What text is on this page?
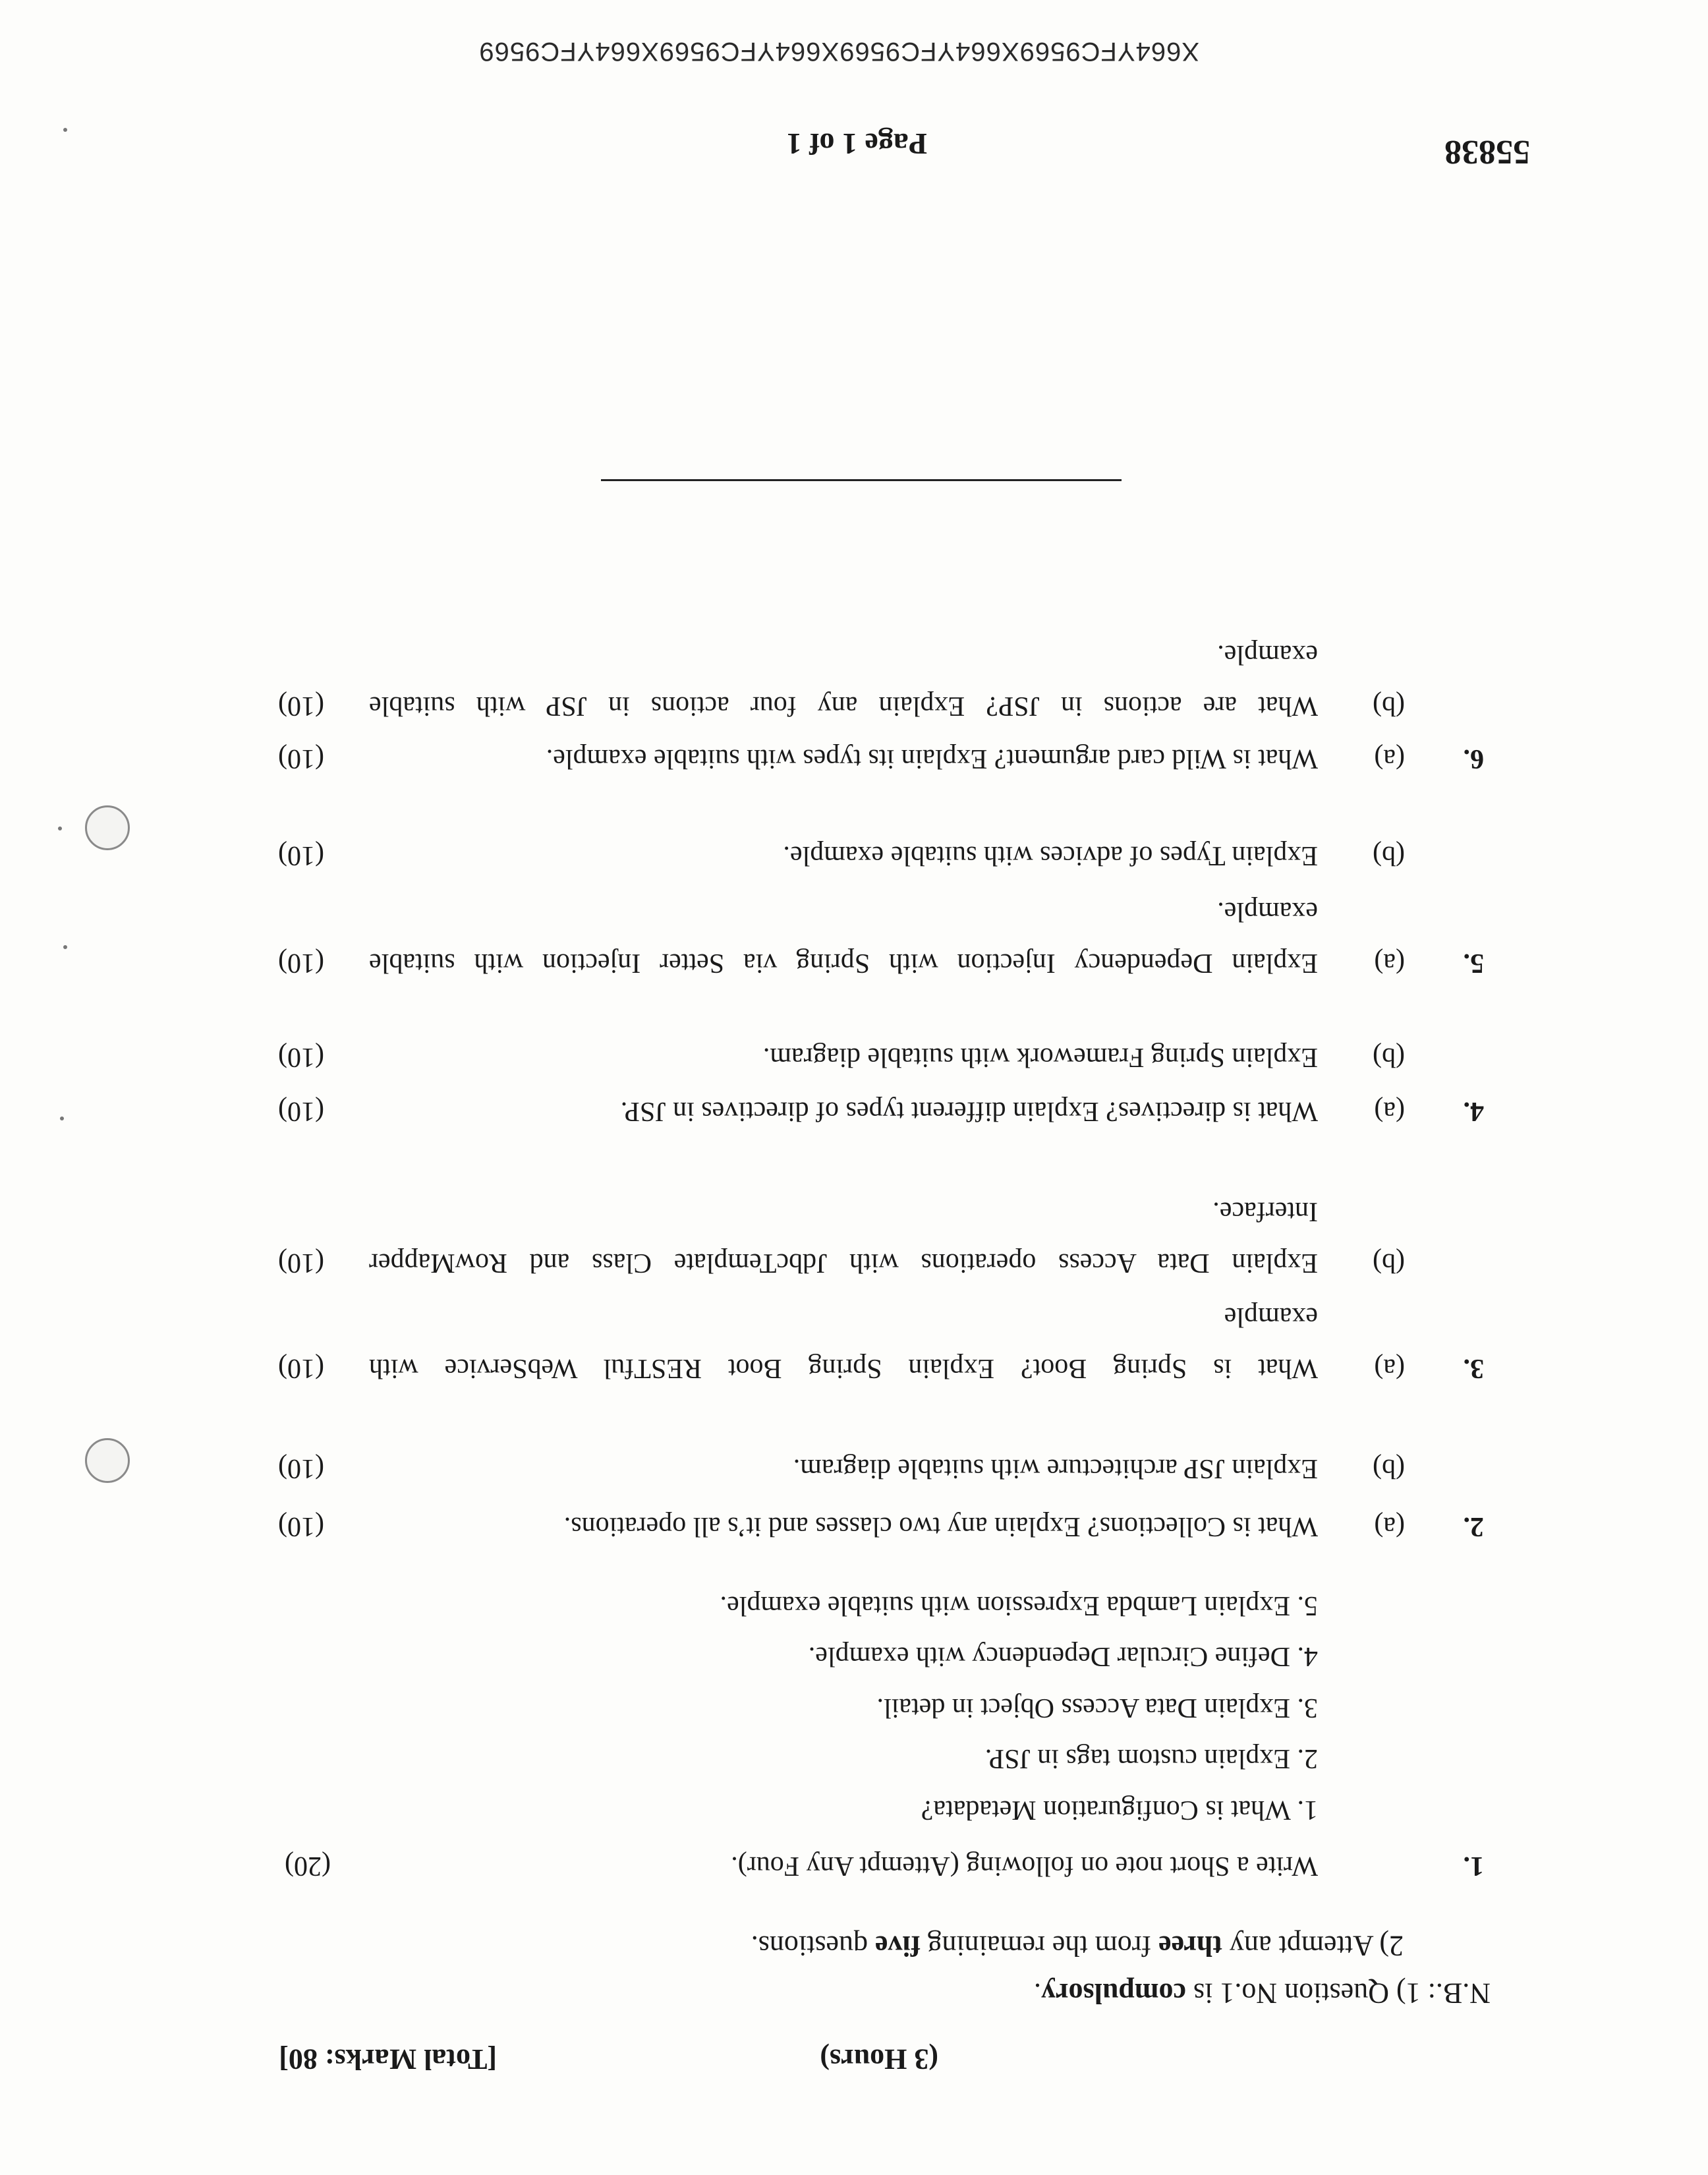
(3 Hours)
[Total Marks: 80]
N.B.: 1) Question No.1 is compulsory.
2) Attempt any three from the remaining five questions.
1.
Write a Short note on following (Attempt Any Four).
(20)
1. What is Configuration Metadata?
2. Explain custom tags in JSP.
3. Explain Data Access Object in detail.
4. Define Circular Dependency with example.
5. Explain Lambda Expression with suitable example.
2.
(a)
What is Collections? Explain any two classes and it’s all operations.
(10)
(b)
Explain JSP architecture with suitable diagram.
(10)
3.
(a)
What is Spring Boot? Explain Spring Boot RESTful WebService with
example
(10)
(b)
Explain Data Access operations with JdbcTemplate Class and RowMapper
Interface.
(10)
4.
(a)
What is directives? Explain different types of directives in JSP.
(10)
(b)
Explain Spring Framework with suitable diagram.
(10)
5.
(a)
Explain Dependency Injection with Spring via Setter Injection with suitable
example.
(10)
(b)
Explain Types of advices with suitable example.
(10)
6.
(a)
What is Wild card argument? Explain its types with suitable example.
(10)
(b)
What are actions in JSP? Explain any four actions in JSP with suitable
example.
(10)
55838
Page 1 of 1
X664YFC9569X664YFC9569X664YFC9569X664YFC9569
